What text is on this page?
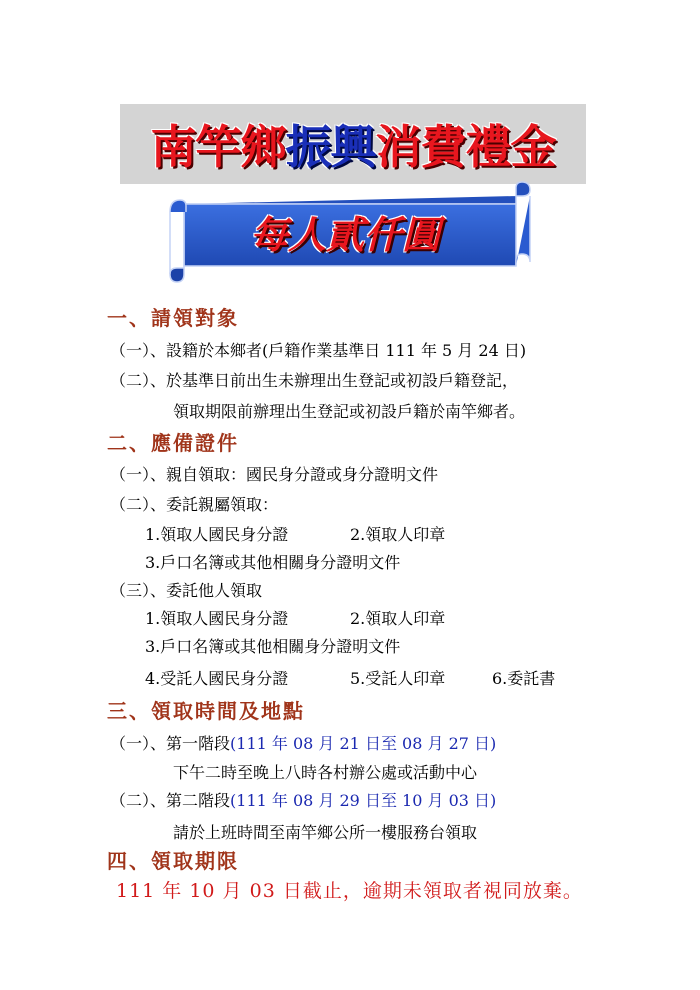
南竿鄉振興消費禮金
每人貳仟圓
一、請領對象
（一）、設籍於本鄉者(戶籍作業基準日 111 年 5 月 24 日)
（二）、於基準日前出生未辦理出生登記或初設戶籍登記，
領取期限前辦理出生登記或初設戶籍於南竿鄉者。
二、應備證件
（一）、親自領取：國民身分證或身分證明文件
（二）、委託親屬領取：
1.領取人國民身分證	2.領取人印章
3.戶口名簿或其他相關身分證明文件
（三）、委託他人領取
1.領取人國民身分證	2.領取人印章
3.戶口名簿或其他相關身分證明文件
4.受託人國民身分證	5.受託人印章	6.委託書
三、領取時間及地點
（一）、第一階段(111 年 08 月 21 日至 08 月 27 日)
下午二時至晚上八時各村辦公處或活動中心
（二）、第二階段(111 年 08 月 29 日至 10 月 03 日)
請於上班時間至南竿鄉公所一樓服務台領取
四、領取期限
111 年 10 月 03 日截止，逾期未領取者視同放棄。
